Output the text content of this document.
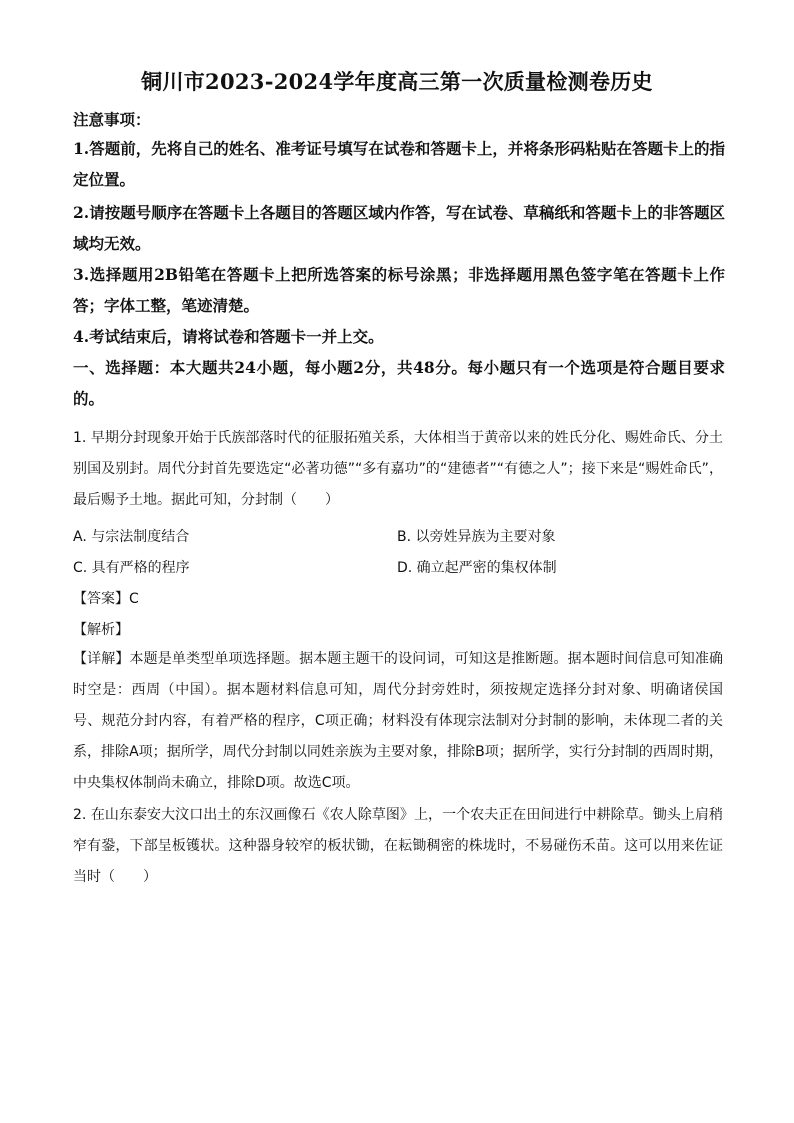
铜川市2023-2024学年度高三第一次质量检测卷历史
注意事项：
1.答题前，先将自己的姓名、准考证号填写在试卷和答题卡上，并将条形码粘贴在答题卡上的指定位置。
2.请按题号顺序在答题卡上各题目的答题区域内作答，写在试卷、草稿纸和答题卡上的非答题区域均无效。
3.选择题用2B铅笔在答题卡上把所选答案的标号涂黑；非选择题用黑色签字笔在答题卡上作答；字体工整，笔迹清楚。
4.考试结束后，请将试卷和答题卡一并上交。
一、选择题：本大题共24小题，每小题2分，共48分。每小题只有一个选项是符合题目要求的。
1. 早期分封现象开始于氏族部落时代的征服拓殖关系，大体相当于黄帝以来的姓氏分化、赐姓命氏、分土别国及别封。周代分封首先要选定“必著功德”“多有嘉功”的“建德者”“有德之人”；接下来是“赐姓命氏”，最后赐予土地。据此可知，分封制（　　）
A. 与宗法制度结合	B. 以旁姓异族为主要对象
C. 具有严格的程序	D. 确立起严密的集权体制
【答案】C
【解析】
【详解】本题是单类型单项选择题。据本题主题干的设问词，可知这是推断题。据本题时间信息可知准确时空是：西周（中国）。据本题材料信息可知，周代分封旁姓时，须按规定选择分封对象、明确诸侯国号、规范分封内容，有着严格的程序，C项正确；材料没有体现宗法制对分封制的影响，未体现二者的关系，排除A项；据所学，周代分封制以同姓亲族为主要对象，排除B项；据所学，实行分封制的西周时期，中央集权体制尚未确立，排除D项。故选C项。
2. 在山东泰安大汶口出土的东汉画像石《农人除草图》上，一个农夫正在田间进行中耕除草。锄头上肩稍窄有銎，下部呈板镬状。这种器身较窄的板状锄，在耘锄稠密的株垅时，不易碰伤禾苗。这可以用来佐证当时（　　）
